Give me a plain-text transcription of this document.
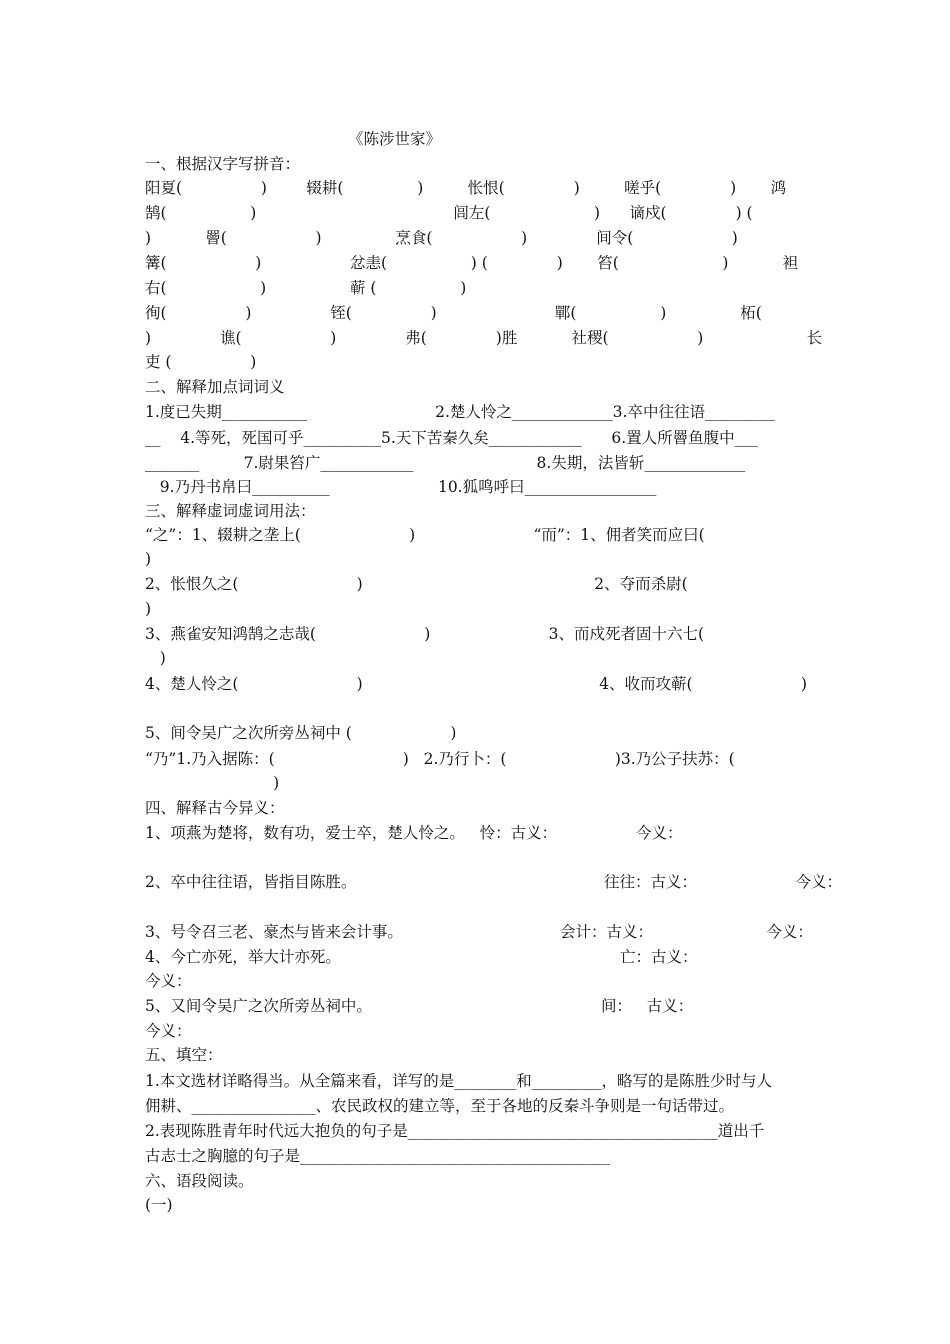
《陈涉世家》
一、根据汉字写拼音：
阳夏(                )        辍耕(               )         怅恨(              )         嗟乎(              )       鸿
鹄(                 )                                        闾左(                     )      谪戍(              ) (
)           罾(                  )               烹食(                  )              间令(                    )
篝(                  )                  忿恚(                 ) (              )       笞(                     )           袒
右(                   )                 蕲 (                 )
徇(                )                铚(                )                        鄲(                 )               柘(
)              谯(                  )              弗(              )胜           社稷(                  )                     长
吏 (                )
二、解释加点词词义
1.度已失期___________                          2.楚人怜之_____________3.卒中往往语_________
__    4.等死，死国可乎__________5.天下苦秦久矣____________      6.置人所罾鱼腹中___
_______         7.尉果笞广____________                         8.失期，法皆斩_____________
9.乃丹书帛曰__________                      10.狐鸣呼曰_________________
三、解释虚词虚词用法：
“之”：1、辍耕之垄上(                      )                        “而”：1、佣者笑而应曰(
)
2、怅恨久之(                        )                                               2、夺而杀尉(
)
3、燕雀安知鸿鹄之志哉(                      )                        3、而戍死者固十六七(
)
4、楚人怜之(                        )                                                4、收而攻蕲(                      )
5、间令吴广之次所旁丛祠中 (                    )
“乃”1.乃入据陈：(                          )   2.乃行卜：(                      )3.乃公子扶苏：(
)
四、解释古今异义：
1、项燕为楚将，数有功，爱士卒，楚人怜之。   怜：古义：                今义：
2、卒中往往语，皆指目陈胜。	往往：古义：                    今义：
3、号令召三老、豪杰与皆来会计事。	会计：古义：                       今义：
4、今亡亦死，举大计亦死。	亡：古义：
今义：
5、又间令吴广之次所旁丛祠中。	间：   古义：
今义：
五、填空：
1.本文选材详略得当。从全篇来看，详写的是________和_________，略写的是陈胜少时与人
佣耕、________________、农民政权的建立等，至于各地的反秦斗争则是一句话带过。
2.表现陈胜青年时代远大抱负的句子是________________________________________道出千
古志士之胸臆的句子是________________________________________
六、语段阅读。
(一)
